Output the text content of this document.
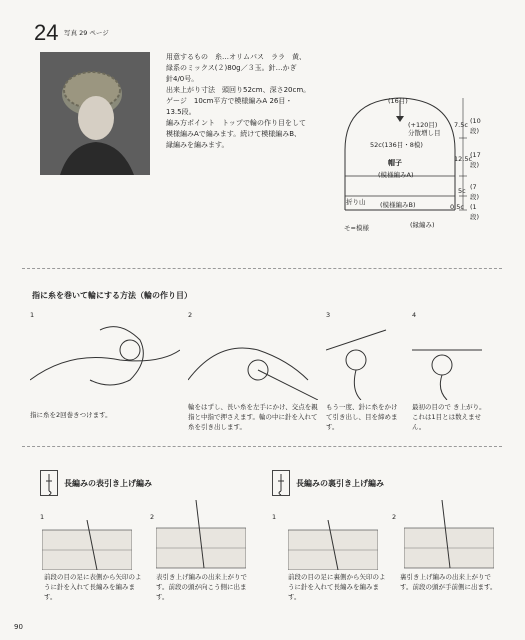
24 写真 29 ページ
用意するもの　糸…オリムパス　ララ　黄、
緑系のミックス(２)80g／３玉。針…かぎ
針4/0号。
出来上がり寸法　頭回り52cm、深さ20cm。
ゲージ　10cm平方で模様編みA 26目・
13.5段。
編み方ポイント　トップで輪の作り目をして
模様編みAで編みます。続けて模様編みB、
縁編みを編みます。
(16目)
(+120目)
分散増し目
52c(136目・8模)
帽子
(模様編みA)
(模様編みB)
折り山
(縁編み)
モ=模様
7.5c (10段)
12.5c
(17段)
5c (7段)
0.5c (1段)
指に糸を巻いて輪にする方法（輪の作り目）
1
指に糸を2回巻きつけます。
2
輪をはずし、長い糸を左手にかけ、交点を親指と中指で押さえます。輪の中に針を入れて糸を引き出します。
3
もう一度、針に糸をかけて引き出し、目を締めます。
4
最初の目ので き上がり。これは1目とは数えません。
長編みの表引き上げ編み
1
前段の目の足に表側から矢印のように針を入れて長編みを編みます。
2
表引き上げ編みの出来上がりです。前段の頭が向こう側に出ます。
長編みの裏引き上げ編み
1
前段の目の足に裏側から矢印のように針を入れて長編みを編みます。
2
裏引き上げ編みの出来上がりです。前段の頭が手前側に出ます。
90
